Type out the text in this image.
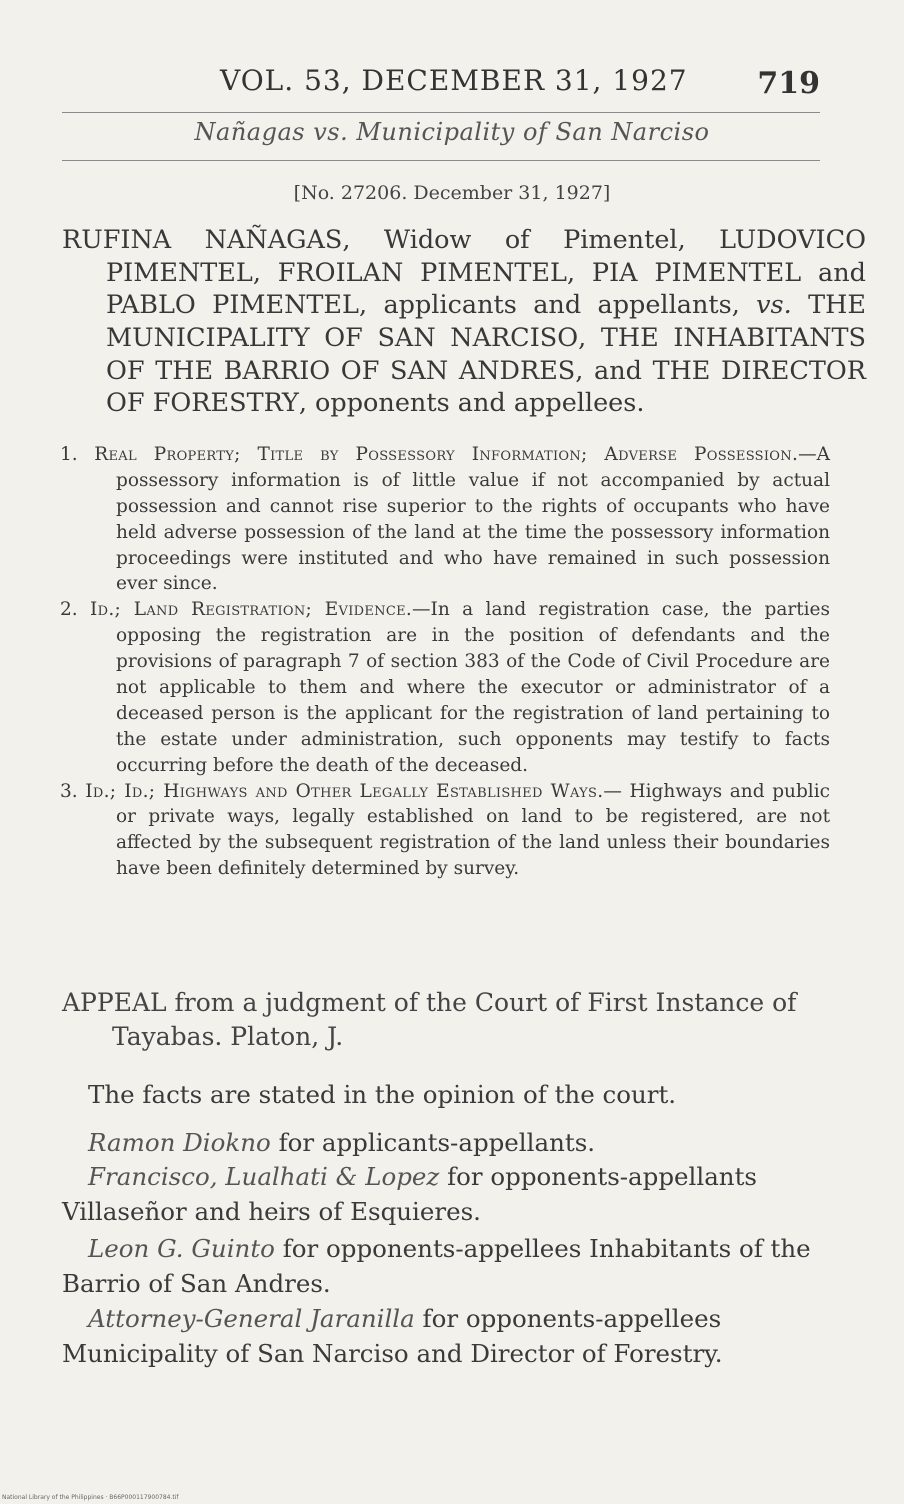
VOL. 53, DECEMBER 31, 1927 719
Nañagas vs. Municipality of San Narciso
[No. 27206. December 31, 1927]
RUFINA NAÑAGAS, Widow of Pimentel, LUDOVICO PIMENTEL, FROILAN PIMENTEL, PIA PIMENTEL and PABLO PIMENTEL, applicants and appellants, vs. THE MUNICIPALITY OF SAN NARCISO, THE INHABITANTS OF THE BARRIO OF SAN ANDRES, and THE DIRECTOR OF FORESTRY, opponents and appellees.
1. Real Property; Title by Possessory Information; Adverse Possession.—A possessory information is of little value if not accompanied by actual possession and cannot rise superior to the rights of occupants who have held adverse possession of the land at the time the possessory information proceedings were instituted and who have remained in such possession ever since.
2. Id.; Land Registration; Evidence.—In a land registration case, the parties opposing the registration are in the position of defendants and the provisions of paragraph 7 of section 383 of the Code of Civil Procedure are not applicable to them and where the executor or administrator of a deceased person is the applicant for the registration of land pertaining to the estate under administration, such opponents may testify to facts occurring before the death of the deceased.
3. Id.; Id.; Highways and Other Legally Established Ways.— Highways and public or private ways, legally established on land to be registered, are not affected by the subsequent registration of the land unless their boundaries have been definitely determined by survey.
APPEAL from a judgment of the Court of First Instance of Tayabas. Platon, J.
The facts are stated in the opinion of the court.
Ramon Diokno for applicants-appellants.
Francisco, Lualhati & Lopez for opponents-appellants Villaseñor and heirs of Esquieres.
Leon G. Guinto for opponents-appellees Inhabitants of the Barrio of San Andres.
Attorney-General Jaranilla for opponents-appellees Municipality of San Narciso and Director of Forestry.
National Library of the Philippines · B66P000117900784.tif
